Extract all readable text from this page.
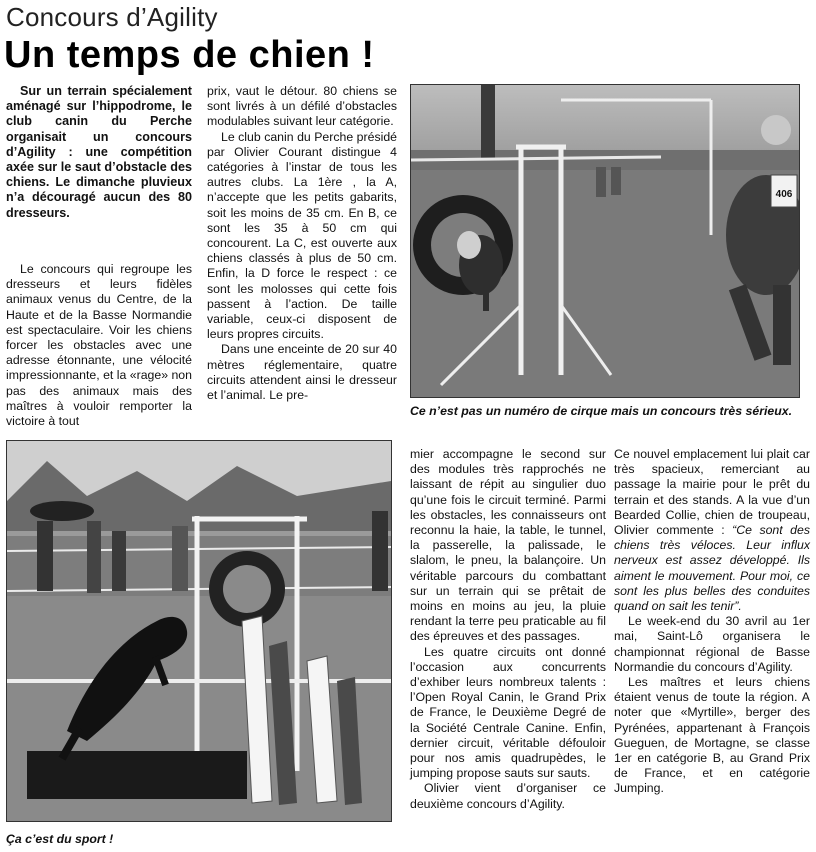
Concours d’Agility
Un temps de chien !

Sur un terrain spécialement aménagé sur l’hippodrome, le club canin du Perche organisait un concours d’Agility : une compétition axée sur le saut d’obstacle des chiens. Le dimanche pluvieux n’a découragé aucun des 80 dresseurs.

Le concours qui regroupe les dresseurs et leurs fidèles animaux venus du Centre, de la Haute et de la Basse Normandie est spectaculaire. Voir les chiens forcer les obstacles avec une adresse étonnante, une vélocité impressionnante, et la «rage» non pas des animaux mais des maîtres à vouloir remporter la victoire à tout

prix, vaut le détour. 80 chiens se sont livrés à un défilé d’obstacles modulables suivant leur catégorie.

Le club canin du Perche présidé par Olivier Courant distingue 4 catégories à l’instar de tous les autres clubs. La 1ère , la A, n’accepte que les petits gabarits, soit les moins de 35 cm. En B, ce sont les 35 à 50 cm qui concourent. La C, est ouverte aux chiens classés à plus de 50 cm. Enfin, la D force le respect : ce sont les molosses qui cette fois passent à l’action. De taille variable, ceux-ci disposent de leurs propres circuits.

Dans une enceinte de 20 sur 40 mètres réglementaire, quatre circuits attendent ainsi le dresseur et l’animal. Le pre-

406
Ce n’est pas un numéro de cirque mais un concours très sérieux.
Ça c’est du sport !

mier accompagne le second sur des modules très rapprochés ne laissant de répit au singulier duo qu’une fois le circuit terminé. Parmi les obstacles, les connaisseurs ont reconnu la haie, la table, le tunnel, la passerelle, la palissade, le slalom, le pneu, la balançoire. Un véritable parcours du combattant sur un terrain qui se prêtait de moins en moins au jeu, la pluie rendant la terre peu praticable au fil des épreuves et des passages.

Les quatre circuits ont donné l’occasion aux concurrents d’exhiber leurs nombreux talents : l’Open Royal Canin, le Grand Prix de France, le Deuxième Degré de la Société Centrale Canine. Enfin, dernier circuit, véritable défouloir pour nos amis quadrupèdes, le jumping propose sauts sur sauts.

Olivier vient d’organiser ce deuxième concours d’Agility.

Ce nouvel emplacement lui plait car très spacieux, remerciant au passage la mairie pour le prêt du terrain et des stands. A la vue d’un Bearded Collie, chien de troupeau, Olivier commente : “Ce sont des chiens très véloces. Leur influx nerveux est assez développé. Ils aiment le mouvement. Pour moi, ce sont les plus belles des conduites quand on sait les tenir”.

Le week-end du 30 avril au 1er mai, Saint-Lô organisera le championnat régional de Basse Normandie du concours d’Agility.

Les maîtres et leurs chiens étaient venus de toute la région. A noter que «Myrtille», berger des Pyrénées, appartenant à François Gueguen, de Mortagne, se classe 1er en catégorie B, au Grand Prix de France, et en catégorie Jumping.
